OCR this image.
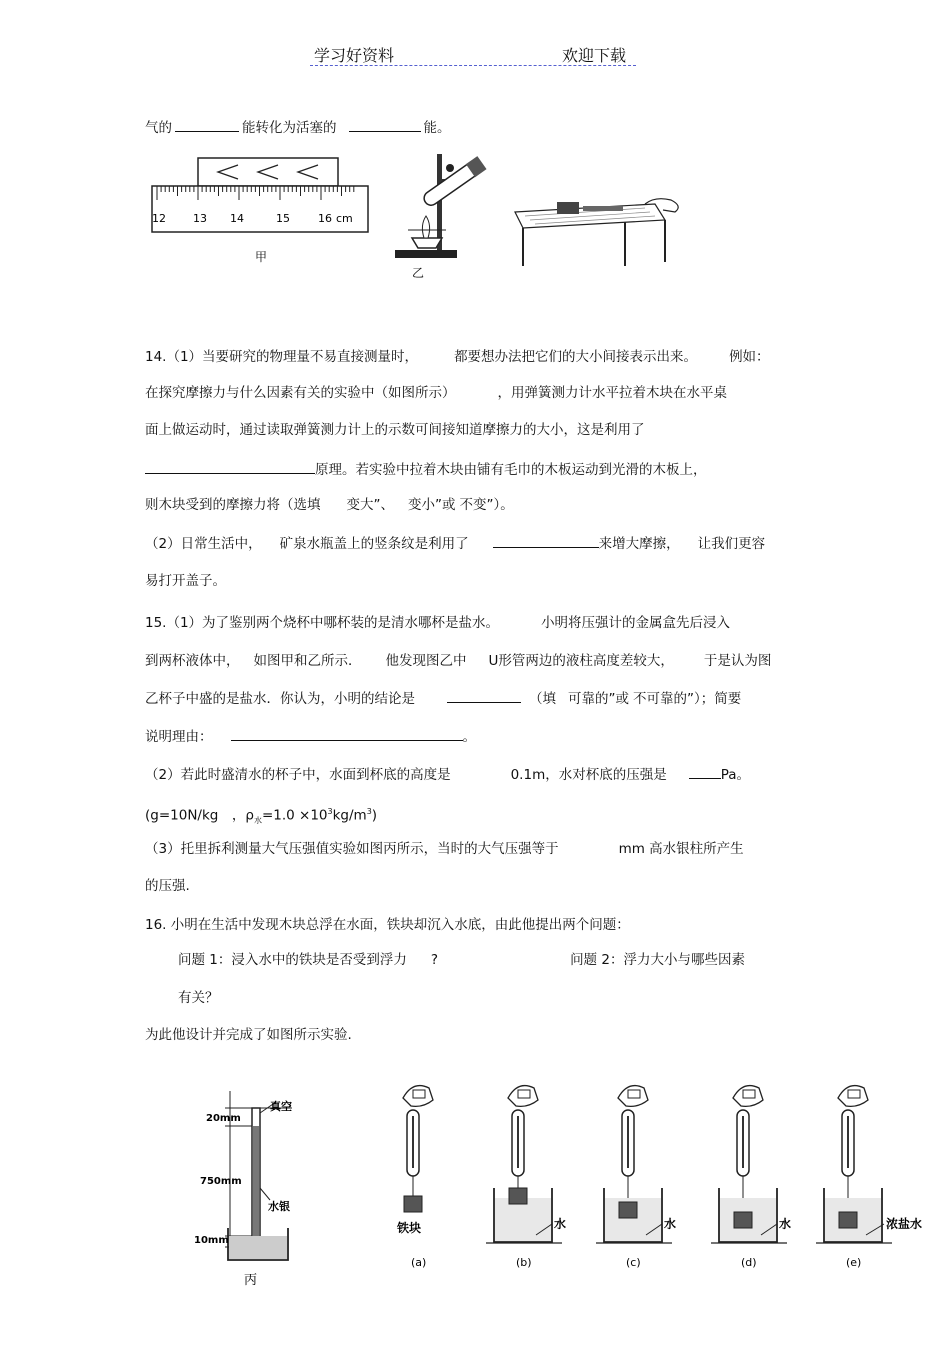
学习好资料	欢迎下载
气的	能转化为活塞的	能。
12 13 14	15	16 cm
甲
乙
14.（1）当要研究的物理量不易直接测量时，	都要想办法把它们的大小间接表示出来。 例如：
在探究摩擦力与什么因素有关的实验中（如图所示）	，用弹簧测力计水平拉着木块在水平桌
面上做运动时，通过读取弹簧测力计上的示数可间接知道摩擦力的大小，这是利用了
原理。若实验中拉着木块由铺有毛巾的木板运动到光滑的木板上，
则木块受到的摩擦力将（选填 变大”、 变小”或 不变”）。
（2）日常生活中， 矿泉水瓶盖上的竖条纹是利用了	来增大摩擦， 让我们更容
易打开盖子。
15.（1）为了鉴别两个烧杯中哪杯装的是清水哪杯是盐水。	小明将压强计的金属盒先后浸入
到两杯液体中， 如图甲和乙所示． 他发现图乙中 U形管两边的液柱高度差较大， 于是认为图
乙杯子中盛的是盐水．你认为，小明的结论是	（填 可靠的”或 不可靠的”）；简要
说明理由：	。
（2）若此时盛清水的杯子中，水面到杯底的高度是	0.1m，水对杯底的压强是	Pa。
(g=10N/kg　，$\rho_水=1.0 \times 10^3kg/m^3$)
（3）托里拆利测量大气压强值实验如图丙所示，当时的大气压强等于	mm 高水银柱所产生
的压强.
16. 小明在生活中发现木块总浮在水面，铁块却沉入水底，由此他提出两个问题：
问题 1：浸入水中的铁块是否受到浮力 ?	问题 2：浮力大小与哪些因素
有关？
为此他设计并完成了如图所示实验.
20mm
750mm
10mm
真空
水银
丙
铁块
(a)
水
(b)
水
(c)
水
(d)
浓盐水
(e)
